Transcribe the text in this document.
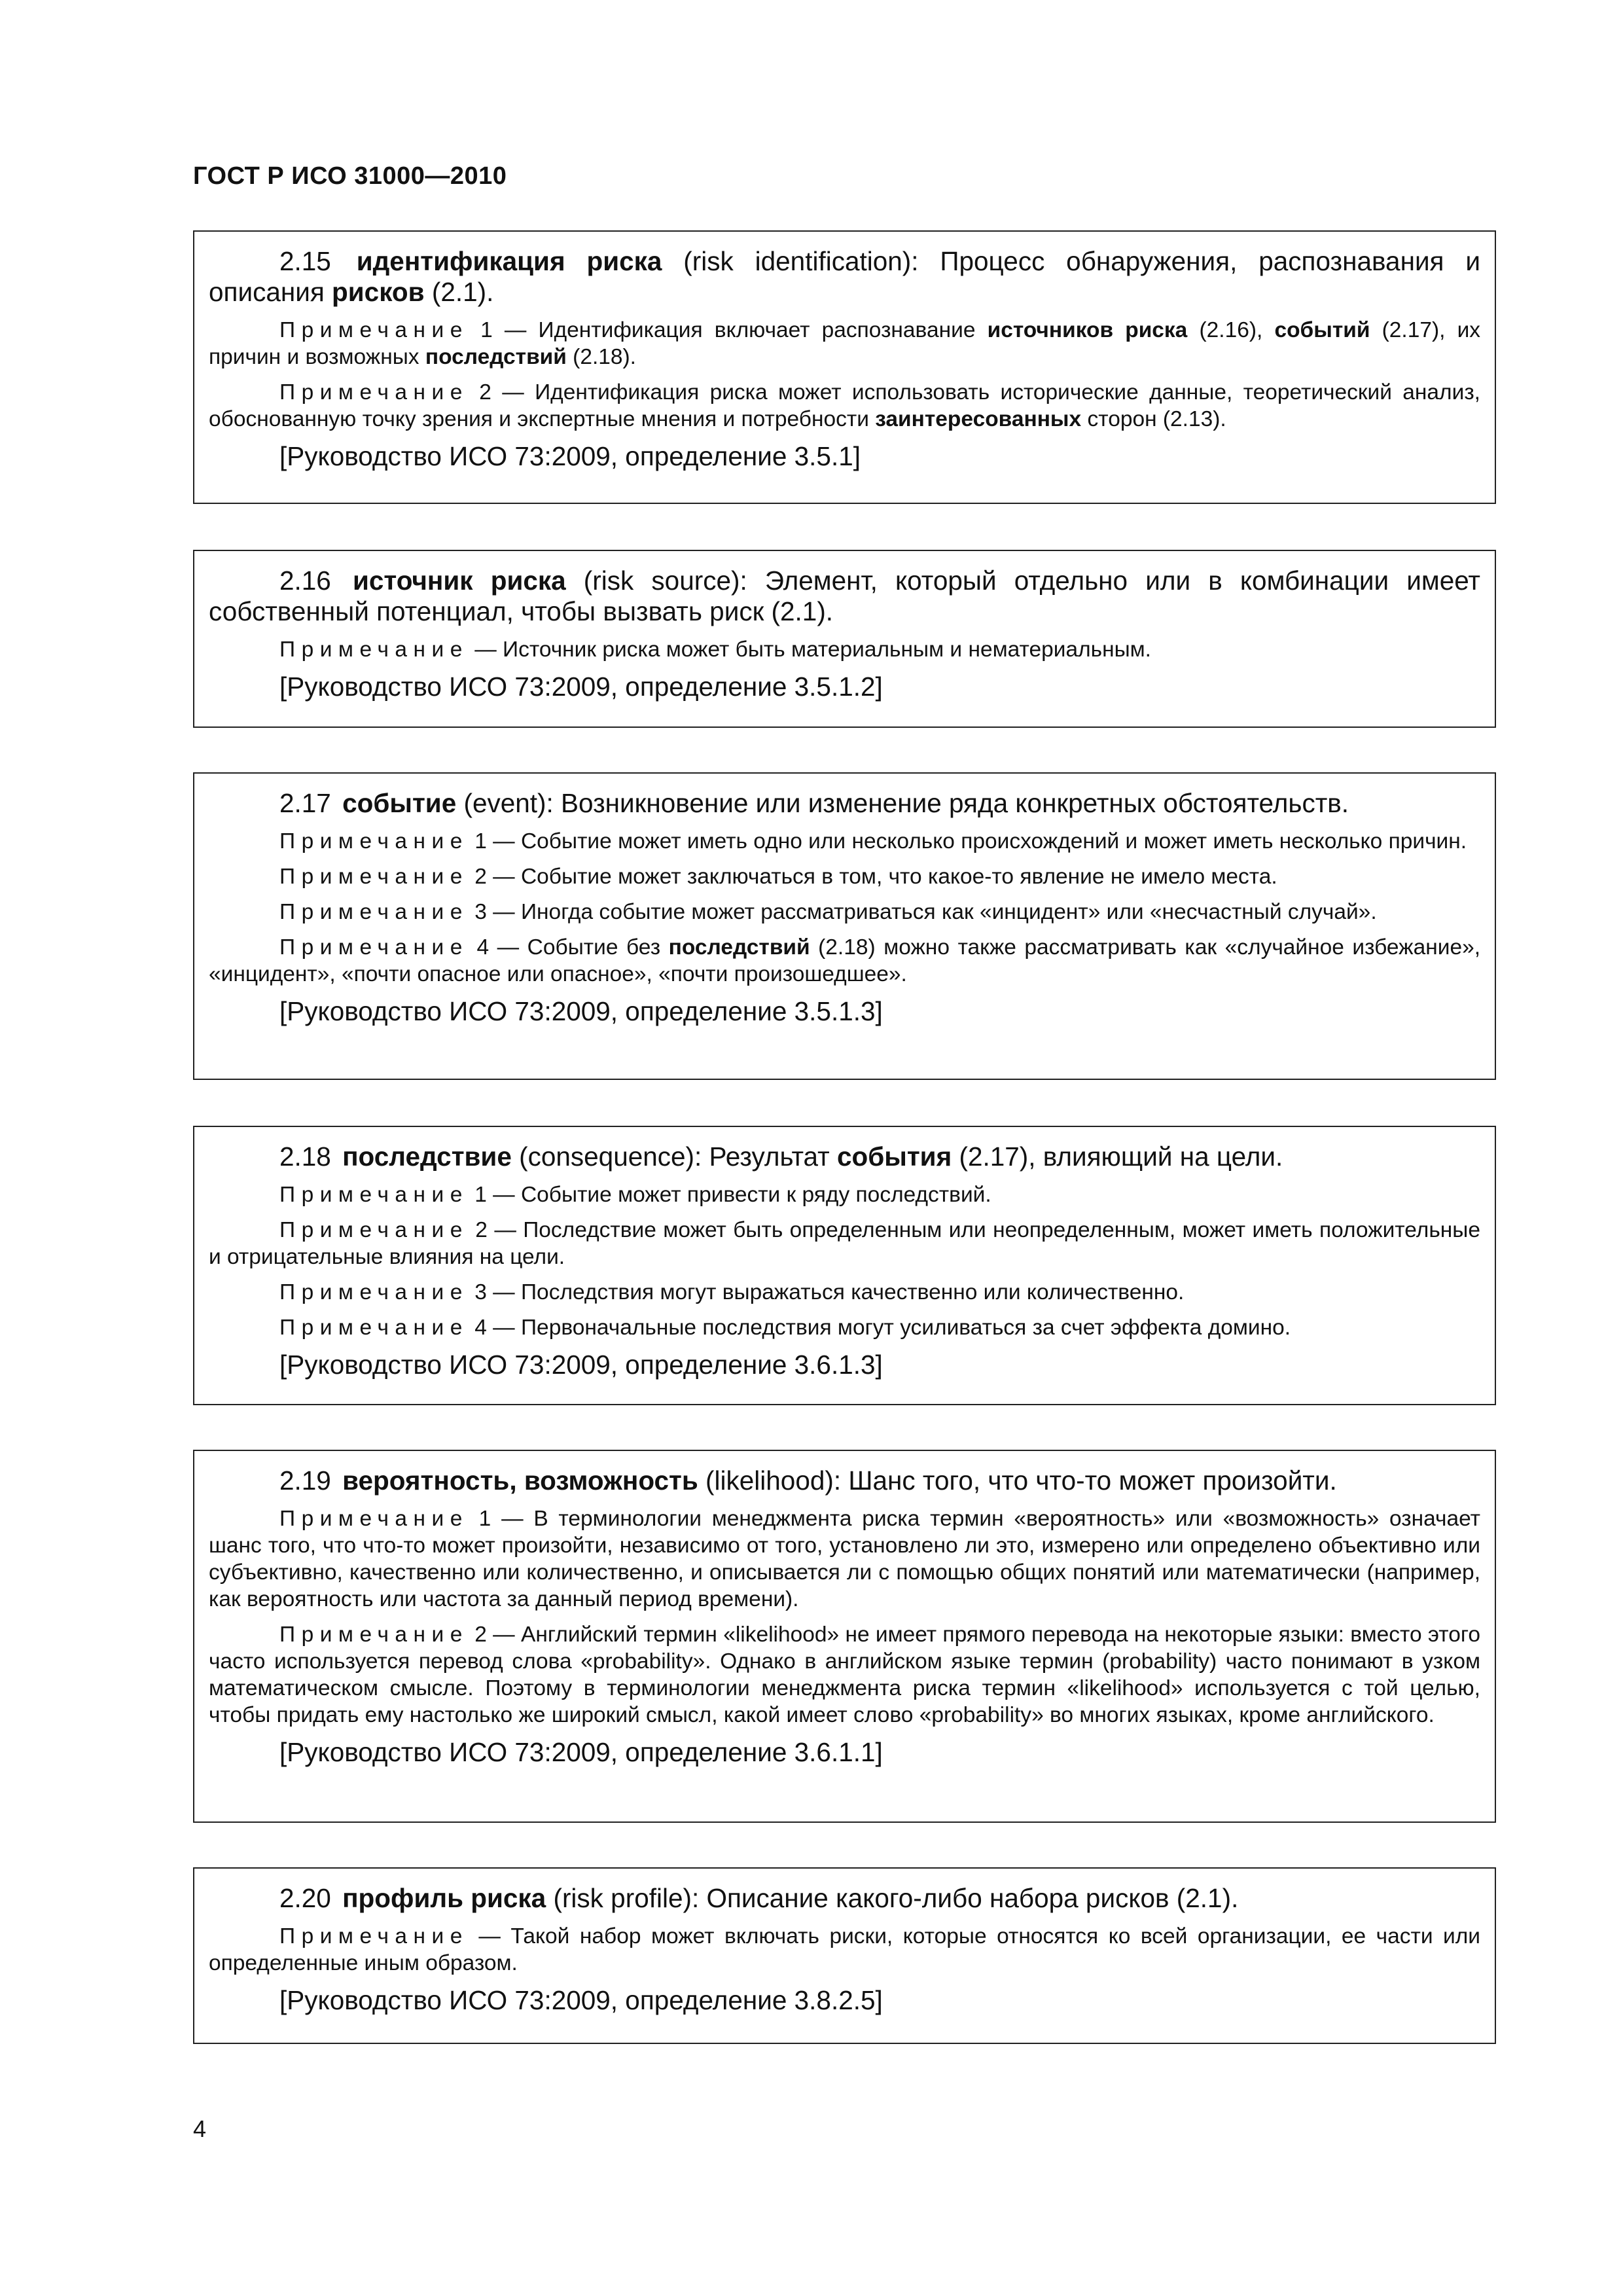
ГОСТ Р ИСО 31000—2010

2.15 идентификация риска (risk identification): Процесс обнаружения, распознавания и описания рисков (2.1).

Примечание 1 — Идентификация включает распознавание источников риска (2.16), событий (2.17), их причин и возможных последствий (2.18).

Примечание 2 — Идентификация риска может использовать исторические данные, теоретический анализ, обоснованную точку зрения и экспертные мнения и потребности заинтересованных сторон (2.13).

[Руководство ИСО 73:2009, определение 3.5.1]

2.16 источник риска (risk source): Элемент, который отдельно или в комбинации имеет собственный потенциал, чтобы вызвать риск (2.1).

Примечание — Источник риска может быть материальным и нематериальным.

[Руководство ИСО 73:2009, определение 3.5.1.2]

2.17 событие (event): Возникновение или изменение ряда конкретных обстоятельств.

Примечание 1 — Событие может иметь одно или несколько происхождений и может иметь несколько причин.

Примечание 2 — Событие может заключаться в том, что какое-то явление не имело места.

Примечание 3 — Иногда событие может рассматриваться как «инцидент» или «несчастный случай».

Примечание 4 — Событие без последствий (2.18) можно также рассматривать как «случайное избежание», «инцидент», «почти опасное или опасное», «почти произошедшее».

[Руководство ИСО 73:2009, определение 3.5.1.3]

2.18 последствие (consequence): Результат события (2.17), влияющий на цели.

Примечание 1 — Событие может привести к ряду последствий.

Примечание 2 — Последствие может быть определенным или неопределенным, может иметь положительные и отрицательные влияния на цели.

Примечание 3 — Последствия могут выражаться качественно или количественно.

Примечание 4 — Первоначальные последствия могут усиливаться за счет эффекта домино.

[Руководство ИСО 73:2009, определение 3.6.1.3]

2.19 вероятность, возможность (likelihood): Шанс того, что что-то может произойти.

Примечание 1 — В терминологии менеджмента риска термин «вероятность» или «возможность» означает шанс того, что что-то может произойти, независимо от того, установлено ли это, измерено или определено объективно или субъективно, качественно или количественно, и описывается ли с помощью общих понятий или математически (например, как вероятность или частота за данный период времени).

Примечание 2 — Английский термин «likelihood» не имеет прямого перевода на некоторые языки: вместо этого часто используется перевод слова «probability». Однако в английском языке термин (probability) часто понимают в узком математическом смысле. Поэтому в терминологии менеджмента риска термин «likelihood» используется с той целью, чтобы придать ему настолько же широкий смысл, какой имеет слово «probability» во многих языках, кроме английского.

[Руководство ИСО 73:2009, определение 3.6.1.1]

2.20 профиль риска (risk profile): Описание какого-либо набора рисков (2.1).

Примечание — Такой набор может включать риски, которые относятся ко всей организации, ее части или определенные иным образом.

[Руководство ИСО 73:2009, определение 3.8.2.5]

4
